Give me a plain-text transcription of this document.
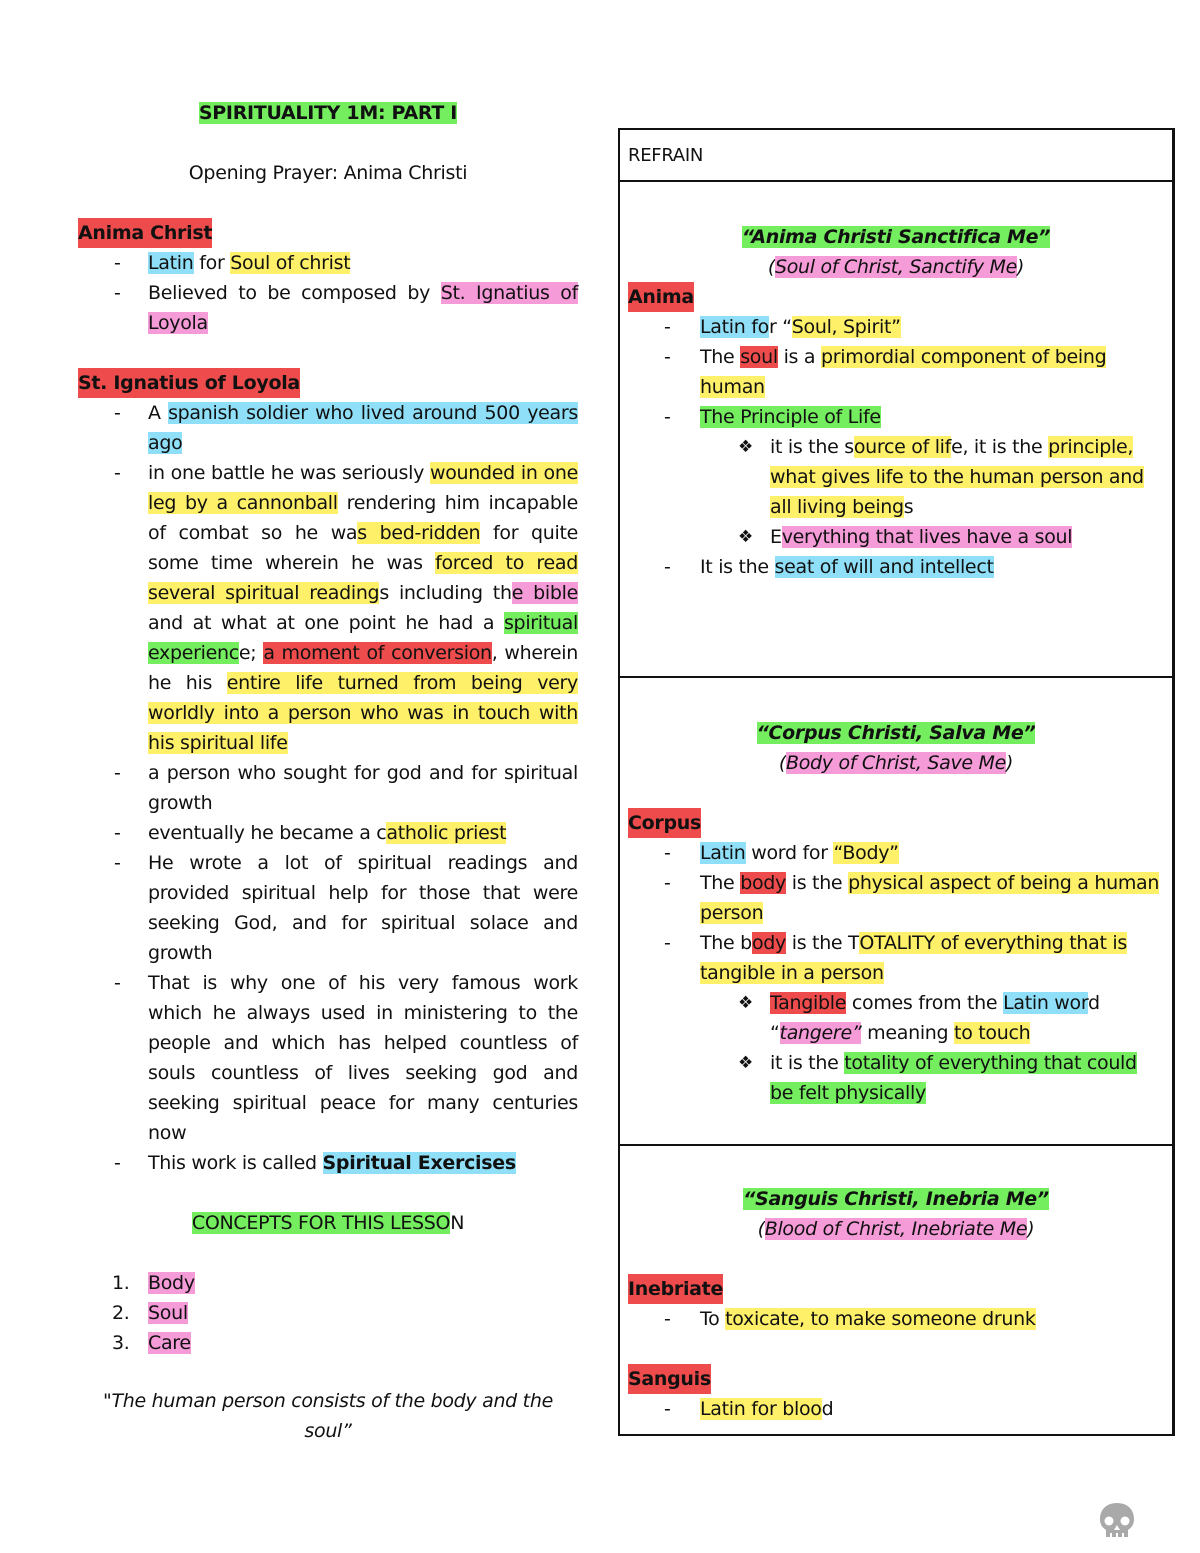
SPIRITUALITY 1M: PART I
Opening Prayer: Anima Christi
Anima Christ
- Latin for Soul of christ
- Believed to be composed by St. Ignatius of Loyola
St. Ignatius of Loyola
- A spanish soldier who lived around 500 years ago
- in one battle he was seriously wounded in one leg by a cannonball rendering him incapable of combat so he was bed-ridden for quite some time wherein he was forced to read several spiritual readings including the bible and at what at one point he had a spiritual experience; a moment of conversion, wherein he his entire life turned from being very worldly into a person who was in touch with his spiritual life
- a person who sought for god and for spiritual growth
- eventually he became a catholic priest
- He wrote a lot of spiritual readings and provided spiritual help for those that were seeking God, and for spiritual solace and growth
- That is why one of his very famous work which he always used in ministering to the people and which has helped countless of souls countless of lives seeking god and seeking spiritual peace for many centuries now
- This work is called Spiritual Exercises
CONCEPTS FOR THIS LESSON
1. Body
2. Soul
3. Care
"The human person consists of the body and the soul”
REFRAIN
“Anima Christi Sanctifica Me”
(Soul of Christ, Sanctify Me)
Anima
- Latin for “Soul, Spirit”
- The soul is a primordial component of being human
- The Principle of Life
❖ it is the source of life, it is the principle, what gives life to the human person and all living beings
❖ Everything that lives have a soul
- It is the seat of will and intellect
“Corpus Christi, Salva Me”
(Body of Christ, Save Me)
Corpus
- Latin word for “Body”
- The body is the physical aspect of being a human person
- The body is the TOTALITY of everything that is tangible in a person
❖ Tangible comes from the Latin word “tangere” meaning to touch
❖ it is the totality of everything that could be felt physically
“Sanguis Christi, Inebria Me”
(Blood of Christ, Inebriate Me)
Inebriate
- To toxicate, to make someone drunk
Sanguis
- Latin for blood
